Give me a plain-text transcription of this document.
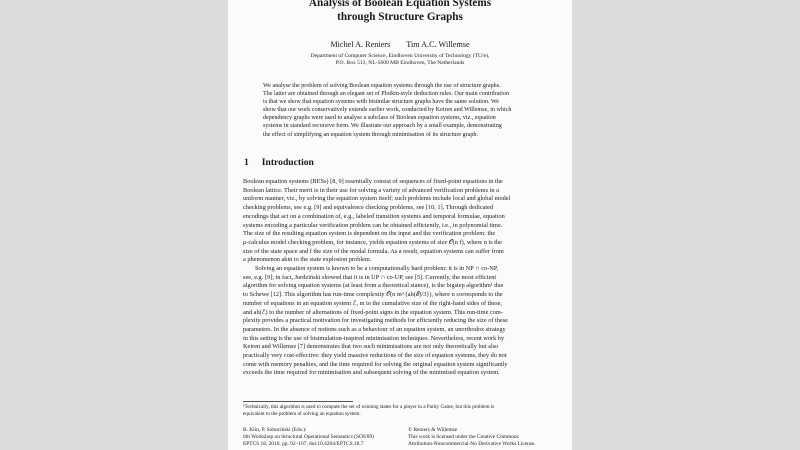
Analysis of Boolean Equation Systems
through Structure Graphs
Michel A. Reniers Tim A.C. Willemse
Department of Computer Science, Eindhoven University of Technology (TU/e),
P.O. Box 513, NL-5600 MB Eindhoven, The Netherlands
We analyse the problem of solving Boolean equation systems through the use of structure graphs.
The latter are obtained through an elegant set of Plotkin-style deduction rules. Our main contribution
is that we show that equation systems with bisimilar structure graphs have the same solution. We
show that our work conservatively extends earlier work, conducted by Keiren and Willemse, in which
dependency graphs were used to analyse a subclass of Boolean equation systems, viz., equation
systems in standard recursive form. We illustrate our approach by a small example, demonstrating
the effect of simplifying an equation system through minimisation of its structure graph.
1 Introduction
Boolean equation systems (BESs) [8, 9] essentially consist of sequences of fixed-point equations in the
Boolean lattice. Their merit is in their use for solving a variety of advanced verification problems in a
uniform manner, viz., by solving the equation system itself; such problems include local and global model
checking problems, see e.g. [9] and equivalence checking problems, see [10, 1]. Through dedicated
encodings that act on a combination of, e.g., labeled transition systems and temporal formulae, equation
systems encoding a particular verification problem can be obtained efficiently, i.e., in polynomial time.
The size of the resulting equation system is dependent on the input and the verification problem: the
μ-calculus model checking problem, for instance, yields equation systems of size 𝒪(n f), where n is the
size of the state space and f the size of the modal formula. As a result, equation systems can suffer from
a phenomenon akin to the state explosion problem.
Solving an equation system is known to be a computationally hard problem: it is in NP ∩ co-NP,
see, e.g. [9]; in fact, Jurdziński showed that it is in UP ∩ co-UP, see [5]. Currently, the most efficient
algorithm for solving equation systems (at least from a theoretical stance), is the bigstep algorithm¹ due
to Schewe [12]. This algorithm has run-time complexity 𝒪(n m^{ah(ℰ)/3}), where n corresponds to the
number of equations in an equation system ℰ, m to the cumulative size of the right-hand sides of these,
and ah(ℰ) to the number of alternations of fixed-point signs in the equation system. This run-time com-
plexity provides a practical motivation for investigating methods for efficiently reducing the size of these
parameters. In the absence of notions such as a behaviour of an equation system, an unorthodox strategy
in this setting is the use of bisimulation-inspired minimisation techniques. Nevertheless, recent work by
Keiren and Willemse [7] demonstrates that two such minimisations are not only theoretically but also
practically very cost-effective: they yield massive reductions of the size of equation systems, they do not
come with memory penalties, and the time required for solving the original equation system significantly
exceeds the time required for minimisation and subsequent solving of the minimised equation system.
¹Technically, this algorithm is used to compute the set of winning states for a player in a Parity Game, but this problem is
equivalent to the problem of solving an equation system.
B. Klin, P. Sobociński (Eds.):
6th Workshop on Structural Operational Semantics (SOS'09)
EPTCS 18, 2010, pp. 92–107, doi:10.4204/EPTCS.18.7
© Reniers & Willemse
This work is licensed under the Creative Commons
Attribution-Noncommercial-No Derivative Works License.
